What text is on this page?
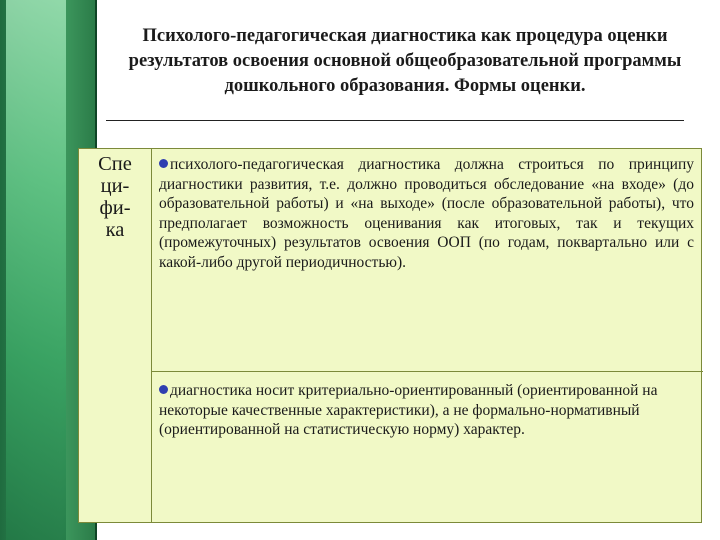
Психолого-педагогическая диагностика как процедура оценки результатов освоения основной общеобразовательной программы дошкольного образования. Формы оценки.
Спе
ци-
фи-
ка

психолого-педагогическая диагностика должна строиться по принципу диагностики развития, т.е. должно проводиться обследование «на входе» (до образовательной работы) и «на выходе» (после образовательной работы), что предполагает возможность оценивания как итоговых, так и текущих (промежуточных) результатов освоения ООП (по годам, поквартально или с какой-либо другой периодичностью).

диагностика носит критериально-ориентированный (ориентированной на некоторые качественные характеристики), а не формально-нормативный (ориентированной на статистическую норму) характер.
